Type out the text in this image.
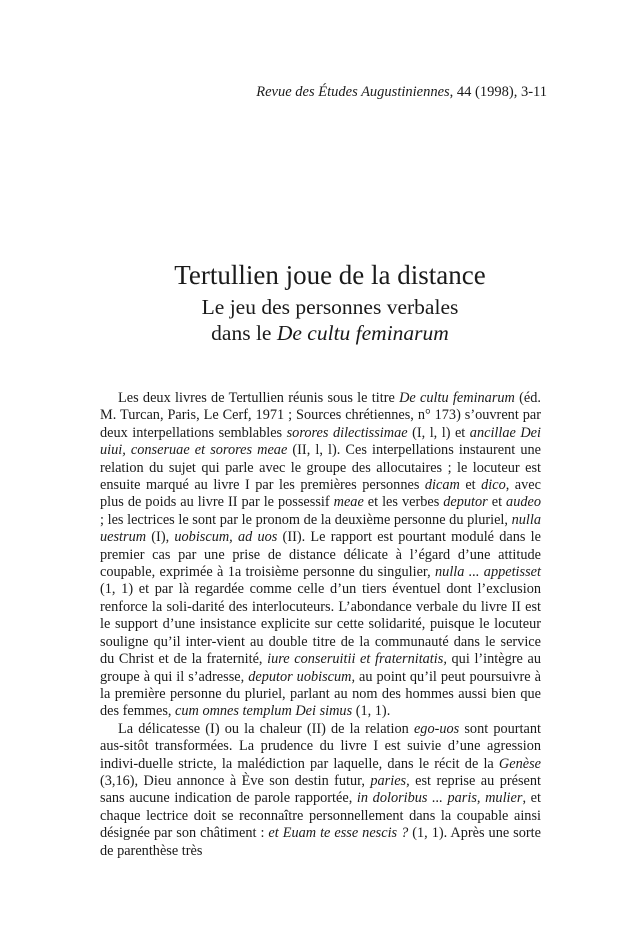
Revue des Études Augustiniennes, 44 (1998), 3-11
Tertullien joue de la distance

Le jeu des personnes verbales

dans le De cultu feminarum

Les deux livres de Tertullien réunis sous le titre De cultu feminarum (éd. M. Turcan, Paris, Le Cerf, 1971 ; Sources chrétiennes, n° 173) s’ouvrent par deux interpellations semblables sorores dilectissimae (I, l, l) et ancillae Dei uiui, conseruae et sorores meae (II, l, l). Ces interpellations instaurent une relation du sujet qui parle avec le groupe des allocutaires ; le locuteur est ensuite marqué au livre I par les premières personnes dicam et dico, avec plus de poids au livre II par le possessif meae et les verbes deputor et audeo ; les lectrices le sont par le pronom de la deuxième personne du pluriel, nulla uestrum (I), uobiscum, ad uos (II). Le rapport est pourtant modulé dans le premier cas par une prise de distance délicate à l’égard d’une attitude coupable, exprimée à 1a troisième personne du singulier, nulla ... appetisset (1, 1) et par là regardée comme celle d’un tiers éventuel dont l’exclusion renforce la soli-darité des interlocuteurs. L’abondance verbale du livre II est le support d’une insistance explicite sur cette solidarité, puisque le locuteur souligne qu’il inter-vient au double titre de la communauté dans le service du Christ et de la fraternité, iure conseruitii et fraternitatis, qui l’intègre au groupe à qui il s’adresse, deputor uobiscum, au point qu’il peut poursuivre à la première personne du pluriel, parlant au nom des hommes aussi bien que des femmes, cum omnes templum Dei simus (1, 1).

La délicatesse (I) ou la chaleur (II) de la relation ego-uos sont pourtant aus-sitôt transformées. La prudence du livre I est suivie d’une agression indivi-duelle stricte, la malédiction par laquelle, dans le récit de la Genèse (3,16), Dieu annonce à Ève son destin futur, paries, est reprise au présent sans aucune indication de parole rapportée, in doloribus ... paris, mulier, et chaque lectrice doit se reconnaître personnellement dans la coupable ainsi désignée par son châtiment : et Euam te esse nescis ? (1, 1). Après une sorte de parenthèse très
